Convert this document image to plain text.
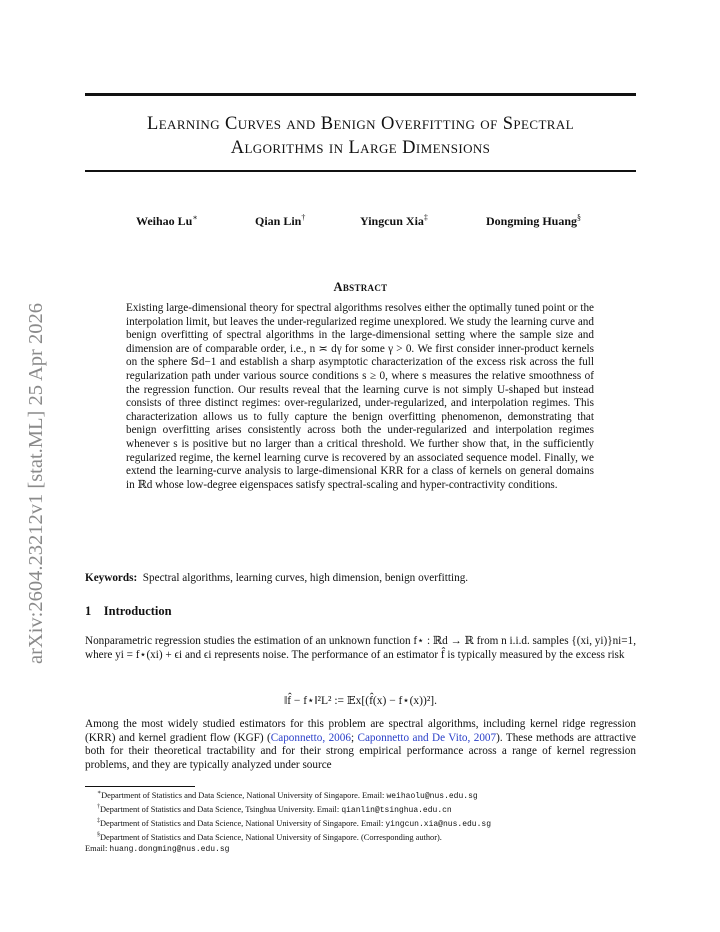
arXiv:2604.23212v1 [stat.ML] 25 Apr 2026
Learning Curves and Benign Overfitting of Spectral
Algorithms in Large Dimensions
Weihao Lu∗	Qian Lin†	Yingcun Xia‡	Dongming Huang§
Abstract
Existing large-dimensional theory for spectral algorithms resolves either the optimally tuned point or the interpolation limit, but leaves the under-regularized regime unexplored. We study the learning curve and benign overfitting of spectral algorithms in the large-dimensional setting where the sample size and dimension are of comparable order, i.e., n ≍ dγ for some γ > 0. We first consider inner-product kernels on the sphere 𝕊d−1 and establish a sharp asymptotic characterization of the excess risk across the full regularization path under various source conditions s ≥ 0, where s measures the relative smoothness of the regression function. Our results reveal that the learning curve is not simply U-shaped but instead consists of three distinct regimes: over-regularized, under-regularized, and interpolation regimes. This characterization allows us to fully capture the benign overfitting phenomenon, demonstrating that benign overfitting arises consistently across both the under-regularized and interpolation regimes whenever s is positive but no larger than a critical threshold. We further show that, in the sufficiently regularized regime, the kernel learning curve is recovered by an associated sequence model. Finally, we extend the learning-curve analysis to large-dimensional KRR for a class of kernels on general domains in ℝd whose low-degree eigenspaces satisfy spectral-scaling and hyper-contractivity conditions.
Keywords: Spectral algorithms, learning curves, high dimension, benign overfitting.
1 Introduction
Nonparametric regression studies the estimation of an unknown function f⋆ : ℝd → ℝ from n i.i.d. samples {(xi, yi)}ni=1, where yi = f⋆(xi) + ϵi and ϵi represents noise. The performance of an estimator f̂ is typically measured by the excess risk
‖f̂ − f⋆‖²L² := 𝔼x[(f̂(x) − f⋆(x))²].
Among the most widely studied estimators for this problem are spectral algorithms, including kernel ridge regression (KRR) and kernel gradient flow (KGF) (Caponnetto, 2006; Caponnetto and De Vito, 2007). These methods are attractive both for their theoretical tractability and for their strong empirical performance across a range of kernel regression problems, and they are typically analyzed under source
∗Department of Statistics and Data Science, National University of Singapore. Email: weihaolu@nus.edu.sg
†Department of Statistics and Data Science, Tsinghua University. Email: qianlin@tsinghua.edu.cn
‡Department of Statistics and Data Science, National University of Singapore. Email: yingcun.xia@nus.edu.sg
§Department of Statistics and Data Science, National University of Singapore. (Corresponding author).
Email: huang.dongming@nus.edu.sg
